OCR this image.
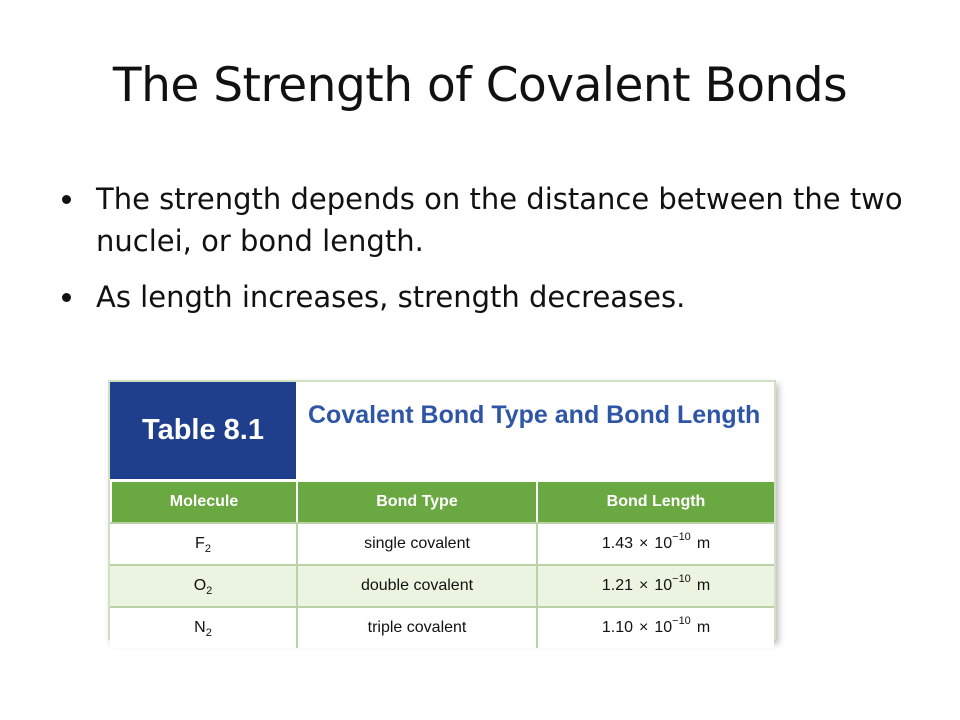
The Strength of Covalent Bonds
The strength depends on the distance between the two nuclei, or bond length.
As length increases, strength decreases.
Table 8.1	Covalent Bond Type and Bond Length
Molecule	Bond Type	Bond Length
F 2	single covalent	1.43 × 10 −10 m
O 2	double covalent	1.21 × 10 −10 m
N 2	triple covalent	1.10 × 10 −10 m
